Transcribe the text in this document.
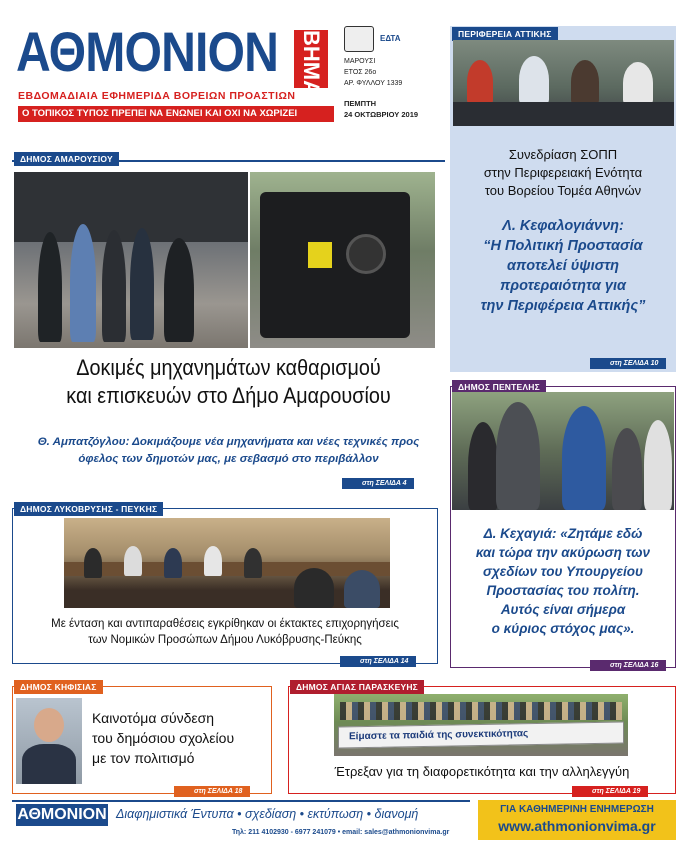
ΑΘΜΟΝΙΟΝ ΒΗΜΑ
ΕΒΔΟΜΑΔΙΑΙΑ ΕΦΗΜΕΡΙΔΑ ΒΟΡΕΙΩΝ ΠΡΟΑΣΤΙΩΝ
Ο ΤΟΠΙΚΟΣ ΤΥΠΟΣ ΠΡΕΠΕΙ ΝΑ ΕΝΩΝΕΙ ΚΑΙ ΟΧΙ ΝΑ ΧΩΡΙΖΕΙ
ΕΔΤΑ
ΜΑΡΟΥΣΙ
ΕΤΟΣ 26ο
ΑΡ. ΦΥΛΛΟΥ 1339
ΠΕΜΠΤΗ
24 ΟΚΤΩΒΡΙΟΥ 2019
ΠΕΡΙΦΕΡΕΙΑ ΑΤΤΙΚΗΣ
Συνεδρίαση ΣΟΠΠ
στην Περιφερειακή Ενότητα
του Βορείου Τομέα Αθηνών
Λ. Κεφαλογιάννη:
“Η Πολιτική Προστασία
αποτελεί ύψιστη
προτεραιότητα για
την Περιφέρεια Αττικής”
στη ΣΕΛΙΔΑ 10
ΔΗΜΟΣ ΑΜΑΡΟΥΣΙΟΥ
Δοκιμές μηχανημάτων καθαρισμού
και επισκευών στο Δήμο Αμαρουσίου
Θ. Αμπατζόγλου: Δοκιμάζουμε νέα μηχανήματα και νέες τεχνικές προς
όφελος των δημοτών μας, με σεβασμό στο περιβάλλον
στη ΣΕΛΙΔΑ 4
ΔΗΜΟΣ ΠΕΝΤΕΛΗΣ
Δ. Κεχαγιά: «Ζητάμε εδώ
και τώρα την ακύρωση των
σχεδίων του Υπουργείου
Προστασίας του πολίτη.
Αυτός είναι σήμερα
ο κύριος στόχος μας».
στη ΣΕΛΙΔΑ 16
ΔΗΜΟΣ ΛΥΚΟΒΡΥΣΗΣ - ΠΕΥΚΗΣ
Με ένταση και αντιπαραθέσεις εγκρίθηκαν οι έκτακτες επιχορηγήσεις
των Νομικών Προσώπων Δήμου Λυκόβρυσης-Πεύκης
στη ΣΕΛΙΔΑ 14
ΔΗΜΟΣ ΚΗΦΙΣΙΑΣ
Καινοτόμα σύνδεση
του δημόσιου σχολείου
με τον πολιτισμό
στη ΣΕΛΙΔΑ 18
ΔΗΜΟΣ ΑΓΙΑΣ ΠΑΡΑΣΚΕΥΗΣ
Είμαστε τα παιδιά της συνεκτικότητας
Έτρεξαν για τη διαφορετικότητα και την αλληλεγγύη
στη ΣΕΛΙΔΑ 19
ΑΘΜΟΝΙΟΝ Διαφημιστικά Έντυπα • σχεδίαση • εκτύπωση • διανομή
Τηλ: 211 4102930 - 6977 241079 • email: sales@athmonionvima.gr
ΓΙΑ ΚΑΘΗΜΕΡΙΝΗ ΕΝΗΜΕΡΩΣΗ
www.athmonionvima.gr
